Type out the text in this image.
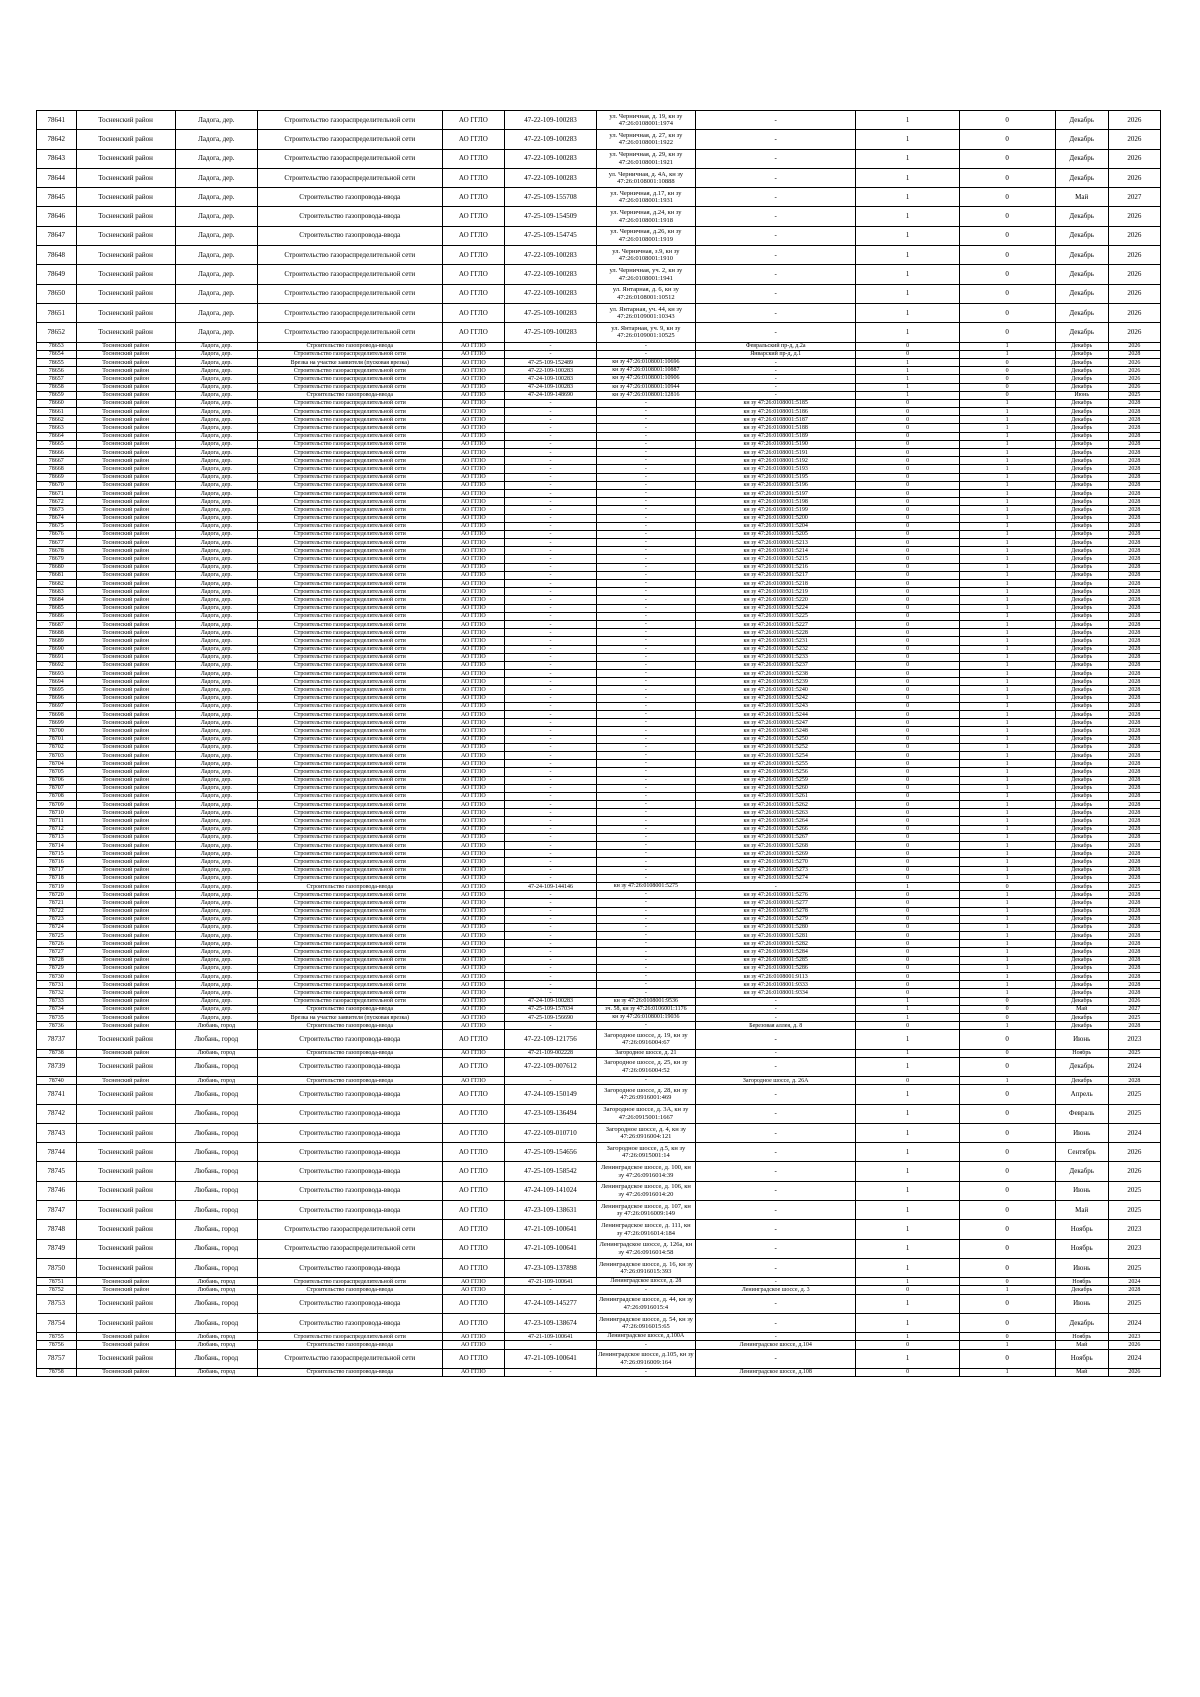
78641	Тосненский район	Ладога, дер.	Строительство газораспределительной сети	АО ГГЛО	47-22-109-100283	ул. Черничная, д. 19, кн зу 47:26:0108001:1974	-	1	0	Декабрь	2026
78642	Тосненский район	Ладога, дер.	Строительство газораспределительной сети	АО ГГЛО	47-22-109-100283	ул. Черничная, д. 27, кн зу 47:26:0108001:1922	-	1	0	Декабрь	2026
78643	Тосненский район	Ладога, дер.	Строительство газораспределительной сети	АО ГГЛО	47-22-109-100283	ул. Черничная, д. 29, кн зу 47:26:0108001:1921	-	1	0	Декабрь	2026
78644	Тосненский район	Ладога, дер.	Строительство газораспределительной сети	АО ГГЛО	47-22-109-100283	ул. Черничная, д. 4А, кн зу 47:26:0108001:10888	-	1	0	Декабрь	2026
78645	Тосненский район	Ладога, дер.	Строительство газопровода-ввода	АО ГГЛО	47-25-109-155708	ул. Черничная, д.17, кн зу 47:26:0108001:1931	-	1	0	Май	2027
78646	Тосненский район	Ладога, дер.	Строительство газопровода-ввода	АО ГГЛО	47-25-109-154509	ул. Черничная, д.24, кн зу 47:26:0108001:1918	-	1	0	Декабрь	2026
78647	Тосненский район	Ладога, дер.	Строительство газопровода-ввода	АО ГГЛО	47-25-109-154745	ул. Черничная, д.26, кн зу 47:26:0108001:1919	-	1	0	Декабрь	2026
78648	Тосненский район	Ладога, дер.	Строительство газораспределительной сети	АО ГГЛО	47-22-109-100283	ул. Черничная, з.9, кн зу 47:26:0108001:1910	-	1	0	Декабрь	2026
78649	Тосненский район	Ладога, дер.	Строительство газораспределительной сети	АО ГГЛО	47-22-109-100283	ул. Черничная, уч. 2, кн зу 47:26:0108001:1941	-	1	0	Декабрь	2026
78650	Тосненский район	Ладога, дер.	Строительство газораспределительной сети	АО ГГЛО	47-22-109-100283	ул. Янтарная, д. 6, кн зу 47:26:0108001:10512	-	1	0	Декабрь	2026
78651	Тосненский район	Ладога, дер.	Строительство газораспределительной сети	АО ГГЛО	47-25-109-100283	ул. Янтарная, уч. 44, кн зу 47:26:0109001:10343	-	1	0	Декабрь	2026
78652	Тосненский район	Ладога, дер.	Строительство газораспределительной сети	АО ГГЛО	47-25-109-100283	ул. Янтарная, уч. 9, кн зу 47:26:0109001:10525	-	1	0	Декабрь	2026
78653	Тосненский район	Ладога, дер.	Строительство газопровода-ввода	АО ГГЛО	-	-	Февральский пр-д, д.2а	0	1	Декабрь	2026
78654	Тосненский район	Ладога, дер.	Строительство газораспределительной сети	АО ГГЛО	-	-	Январский пр-д, д.1	0	1	Декабрь	2028
78655	Тосненский район	Ладога, дер.	Врезка на участке заявителя (пусковая врезка)	АО ГГЛО	47-25-109-152489	кн зу 47:26:0108001:10696	-	1	0	Декабрь	2026
78656	Тосненский район	Ладога, дер.	Строительство газораспределительной сети	АО ГГЛО	47-22-109-100283	кн зу 47:26:0108001:10887	-	1	0	Декабрь	2026
78657	Тосненский район	Ладога, дер.	Строительство газораспределительной сети	АО ГГЛО	47-24-109-100283	кн зу 47:26:0108001:10906	-	1	0	Декабрь	2026
78658	Тосненский район	Ладога, дер.	Строительство газораспределительной сети	АО ГГЛО	47-24-109-100283	кн зу 47:26:0108001:10944	-	1	0	Декабрь	2026
78659	Тосненский район	Ладога, дер.	Строительство газопровода-ввода	АО ГГЛО	47-24-109-148690	кн зу 47:26:0108001:12816	-	1	0	Июнь	2025
78660	Тосненский район	Ладога, дер.	Строительство газораспределительной сети	АО ГГЛО	-	-	кн зу 47:26:0108001:5185	0	1	Декабрь	2028
78661	Тосненский район	Ладога, дер.	Строительство газораспределительной сети	АО ГГЛО	-	-	кн зу 47:26:0108001:5186	0	1	Декабрь	2028
78662	Тосненский район	Ладога, дер.	Строительство газораспределительной сети	АО ГГЛО	-	-	кн зу 47:26:0108001:5187	0	1	Декабрь	2028
78663	Тосненский район	Ладога, дер.	Строительство газораспределительной сети	АО ГГЛО	-	-	кн зу 47:26:0108001:5188	0	1	Декабрь	2028
78664	Тосненский район	Ладога, дер.	Строительство газораспределительной сети	АО ГГЛО	-	-	кн зу 47:26:0108001:5189	0	1	Декабрь	2028
78665	Тосненский район	Ладога, дер.	Строительство газораспределительной сети	АО ГГЛО	-	-	кн зу 47:26:0108001:5190	0	1	Декабрь	2028
78666	Тосненский район	Ладога, дер.	Строительство газораспределительной сети	АО ГГЛО	-	-	кн зу 47:26:0108001:5191	0	1	Декабрь	2028
78667	Тосненский район	Ладога, дер.	Строительство газораспределительной сети	АО ГГЛО	-	-	кн зу 47:26:0108001:5192	0	1	Декабрь	2028
78668	Тосненский район	Ладога, дер.	Строительство газораспределительной сети	АО ГГЛО	-	-	кн зу 47:26:0108001:5193	0	1	Декабрь	2028
78669	Тосненский район	Ладога, дер.	Строительство газораспределительной сети	АО ГГЛО	-	-	кн зу 47:26:0108001:5195	0	1	Декабрь	2028
78670	Тосненский район	Ладога, дер.	Строительство газораспределительной сети	АО ГГЛО	-	-	кн зу 47:26:0108001:5196	0	1	Декабрь	2028
78671	Тосненский район	Ладога, дер.	Строительство газораспределительной сети	АО ГГЛО	-	-	кн зу 47:26:0108001:5197	0	1	Декабрь	2028
78672	Тосненский район	Ладога, дер.	Строительство газораспределительной сети	АО ГГЛО	-	-	кн зу 47:26:0108001:5198	0	1	Декабрь	2028
78673	Тосненский район	Ладога, дер.	Строительство газораспределительной сети	АО ГГЛО	-	-	кн зу 47:26:0108001:5199	0	1	Декабрь	2028
78674	Тосненский район	Ладога, дер.	Строительство газораспределительной сети	АО ГГЛО	-	-	кн зу 47:26:0108001:5200	0	1	Декабрь	2028
78675	Тосненский район	Ладога, дер.	Строительство газораспределительной сети	АО ГГЛО	-	-	кн зу 47:26:0108001:5204	0	1	Декабрь	2028
78676	Тосненский район	Ладога, дер.	Строительство газораспределительной сети	АО ГГЛО	-	-	кн зу 47:26:0108001:5205	0	1	Декабрь	2028
78677	Тосненский район	Ладога, дер.	Строительство газораспределительной сети	АО ГГЛО	-	-	кн зу 47:26:0108001:5213	0	1	Декабрь	2028
78678	Тосненский район	Ладога, дер.	Строительство газораспределительной сети	АО ГГЛО	-	-	кн зу 47:26:0108001:5214	0	1	Декабрь	2028
78679	Тосненский район	Ладога, дер.	Строительство газораспределительной сети	АО ГГЛО	-	-	кн зу 47:26:0108001:5215	0	1	Декабрь	2028
78680	Тосненский район	Ладога, дер.	Строительство газораспределительной сети	АО ГГЛО	-	-	кн зу 47:26:0108001:5216	0	1	Декабрь	2028
78681	Тосненский район	Ладога, дер.	Строительство газораспределительной сети	АО ГГЛО	-	-	кн зу 47:26:0108001:5217	0	1	Декабрь	2028
78682	Тосненский район	Ладога, дер.	Строительство газораспределительной сети	АО ГГЛО	-	-	кн зу 47:26:0108001:5218	0	1	Декабрь	2028
78683	Тосненский район	Ладога, дер.	Строительство газораспределительной сети	АО ГГЛО	-	-	кн зу 47:26:0108001:5219	0	1	Декабрь	2028
78684	Тосненский район	Ладога, дер.	Строительство газораспределительной сети	АО ГГЛО	-	-	кн зу 47:26:0108001:5220	0	1	Декабрь	2028
78685	Тосненский район	Ладога, дер.	Строительство газораспределительной сети	АО ГГЛО	-	-	кн зу 47:26:0108001:5224	0	1	Декабрь	2028
78686	Тосненский район	Ладога, дер.	Строительство газораспределительной сети	АО ГГЛО	-	-	кн зу 47:26:0108001:5225	0	1	Декабрь	2028
78687	Тосненский район	Ладога, дер.	Строительство газораспределительной сети	АО ГГЛО	-	-	кн зу 47:26:0108001:5227	0	1	Декабрь	2028
78688	Тосненский район	Ладога, дер.	Строительство газораспределительной сети	АО ГГЛО	-	-	кн зу 47:26:0108001:5228	0	1	Декабрь	2028
78689	Тосненский район	Ладога, дер.	Строительство газораспределительной сети	АО ГГЛО	-	-	кн зу 47:26:0108001:5231	0	1	Декабрь	2028
78690	Тосненский район	Ладога, дер.	Строительство газораспределительной сети	АО ГГЛО	-	-	кн зу 47:26:0108001:5232	0	1	Декабрь	2028
78691	Тосненский район	Ладога, дер.	Строительство газораспределительной сети	АО ГГЛО	-	-	кн зу 47:26:0108001:5233	0	1	Декабрь	2028
78692	Тосненский район	Ладога, дер.	Строительство газораспределительной сети	АО ГГЛО	-	-	кн зу 47:26:0108001:5237	0	1	Декабрь	2028
78693	Тосненский район	Ладога, дер.	Строительство газораспределительной сети	АО ГГЛО	-	-	кн зу 47:26:0108001:5238	0	1	Декабрь	2028
78694	Тосненский район	Ладога, дер.	Строительство газораспределительной сети	АО ГГЛО	-	-	кн зу 47:26:0108001:5239	0	1	Декабрь	2028
78695	Тосненский район	Ладога, дер.	Строительство газораспределительной сети	АО ГГЛО	-	-	кн зу 47:26:0108001:5240	0	1	Декабрь	2028
78696	Тосненский район	Ладога, дер.	Строительство газораспределительной сети	АО ГГЛО	-	-	кн зу 47:26:0108001:5242	0	1	Декабрь	2028
78697	Тосненский район	Ладога, дер.	Строительство газораспределительной сети	АО ГГЛО	-	-	кн зу 47:26:0108001:5243	0	1	Декабрь	2028
78698	Тосненский район	Ладога, дер.	Строительство газораспределительной сети	АО ГГЛО	-	-	кн зу 47:26:0108001:5244	0	1	Декабрь	2028
78699	Тосненский район	Ладога, дер.	Строительство газораспределительной сети	АО ГГЛО	-	-	кн зу 47:26:0108001:5247	0	1	Декабрь	2028
78700	Тосненский район	Ладога, дер.	Строительство газораспределительной сети	АО ГГЛО	-	-	кн зу 47:26:0108001:5248	0	1	Декабрь	2028
78701	Тосненский район	Ладога, дер.	Строительство газораспределительной сети	АО ГГЛО	-	-	кн зу 47:26:0108001:5250	0	1	Декабрь	2028
78702	Тосненский район	Ладога, дер.	Строительство газораспределительной сети	АО ГГЛО	-	-	кн зу 47:26:0108001:5252	0	1	Декабрь	2028
78703	Тосненский район	Ладога, дер.	Строительство газораспределительной сети	АО ГГЛО	-	-	кн зу 47:26:0108001:5254	0	1	Декабрь	2028
78704	Тосненский район	Ладога, дер.	Строительство газораспределительной сети	АО ГГЛО	-	-	кн зу 47:26:0108001:5255	0	1	Декабрь	2028
78705	Тосненский район	Ладога, дер.	Строительство газораспределительной сети	АО ГГЛО	-	-	кн зу 47:26:0108001:5256	0	1	Декабрь	2028
78706	Тосненский район	Ладога, дер.	Строительство газораспределительной сети	АО ГГЛО	-	-	кн зу 47:26:0108001:5259	0	1	Декабрь	2028
78707	Тосненский район	Ладога, дер.	Строительство газораспределительной сети	АО ГГЛО	-	-	кн зу 47:26:0108001:5260	0	1	Декабрь	2028
78708	Тосненский район	Ладога, дер.	Строительство газораспределительной сети	АО ГГЛО	-	-	кн зу 47:26:0108001:5261	0	1	Декабрь	2028
78709	Тосненский район	Ладога, дер.	Строительство газораспределительной сети	АО ГГЛО	-	-	кн зу 47:26:0108001:5262	0	1	Декабрь	2028
78710	Тосненский район	Ладога, дер.	Строительство газораспределительной сети	АО ГГЛО	-	-	кн зу 47:26:0108001:5263	0	1	Декабрь	2028
78711	Тосненский район	Ладога, дер.	Строительство газораспределительной сети	АО ГГЛО	-	-	кн зу 47:26:0108001:5264	0	1	Декабрь	2028
78712	Тосненский район	Ладога, дер.	Строительство газораспределительной сети	АО ГГЛО	-	-	кн зу 47:26:0108001:5266	0	1	Декабрь	2028
78713	Тосненский район	Ладога, дер.	Строительство газораспределительной сети	АО ГГЛО	-	-	кн зу 47:26:0108001:5267	0	1	Декабрь	2028
78714	Тосненский район	Ладога, дер.	Строительство газораспределительной сети	АО ГГЛО	-	-	кн зу 47:26:0108001:5268	0	1	Декабрь	2028
78715	Тосненский район	Ладога, дер.	Строительство газораспределительной сети	АО ГГЛО	-	-	кн зу 47:26:0108001:5269	0	1	Декабрь	2028
78716	Тосненский район	Ладога, дер.	Строительство газораспределительной сети	АО ГГЛО	-	-	кн зу 47:26:0108001:5270	0	1	Декабрь	2028
78717	Тосненский район	Ладога, дер.	Строительство газораспределительной сети	АО ГГЛО	-	-	кн зу 47:26:0108001:5273	0	1	Декабрь	2028
78718	Тосненский район	Ладога, дер.	Строительство газораспределительной сети	АО ГГЛО	-	-	кн зу 47:26:0108001:5274	0	1	Декабрь	2028
78719	Тосненский район	Ладога, дер.	Строительство газопровода-ввода	АО ГГЛО	47-24-109-144146	кн зу 47:26:0108001:5275	-	1	0	Декабрь	2025
78720	Тосненский район	Ладога, дер.	Строительство газораспределительной сети	АО ГГЛО	-	-	кн зу 47:26:0108001:5276	0	1	Декабрь	2028
78721	Тосненский район	Ладога, дер.	Строительство газораспределительной сети	АО ГГЛО	-	-	кн зу 47:26:0108001:5277	0	1	Декабрь	2028
78722	Тосненский район	Ладога, дер.	Строительство газораспределительной сети	АО ГГЛО	-	-	кн зу 47:26:0108001:5278	0	1	Декабрь	2028
78723	Тосненский район	Ладога, дер.	Строительство газораспределительной сети	АО ГГЛО	-	-	кн зу 47:26:0108001:5279	0	1	Декабрь	2028
78724	Тосненский район	Ладога, дер.	Строительство газораспределительной сети	АО ГГЛО	-	-	кн зу 47:26:0108001:5280	0	1	Декабрь	2028
78725	Тосненский район	Ладога, дер.	Строительство газораспределительной сети	АО ГГЛО	-	-	кн зу 47:26:0108001:5281	0	1	Декабрь	2028
78726	Тосненский район	Ладога, дер.	Строительство газораспределительной сети	АО ГГЛО	-	-	кн зу 47:26:0108001:5282	0	1	Декабрь	2028
78727	Тосненский район	Ладога, дер.	Строительство газораспределительной сети	АО ГГЛО	-	-	кн зу 47:26:0108001:5284	0	1	Декабрь	2028
78728	Тосненский район	Ладога, дер.	Строительство газораспределительной сети	АО ГГЛО	-	-	кн зу 47:26:0108001:5285	0	1	Декабрь	2028
78729	Тосненский район	Ладога, дер.	Строительство газораспределительной сети	АО ГГЛО	-	-	кн зу 47:26:0108001:5286	0	1	Декабрь	2028
78730	Тосненский район	Ладога, дер.	Строительство газораспределительной сети	АО ГГЛО	-	-	кн зу 47:26:0108001:9113	0	1	Декабрь	2028
78731	Тосненский район	Ладога, дер.	Строительство газораспределительной сети	АО ГГЛО	-	-	кн зу 47:26:0108001:9333	0	1	Декабрь	2028
78732	Тосненский район	Ладога, дер.	Строительство газораспределительной сети	АО ГГЛО	-	-	кн зу 47:26:0108001:9334	0	1	Декабрь	2028
78733	Тосненский район	Ладога, дер.	Строительство газораспределительной сети	АО ГГЛО	47-24-109-100283	кн зу 47:26:0108001:9536	-	1	0	Декабрь	2026
78734	Тосненский район	Ладога, дер.	Строительство газопровода-ввода	АО ГГЛО	47-25-109-157034	зч. 58, кн зу 47:26:0106001:1176	-	1	0	Май	2027
78735	Тосненский район	Ладога, дер.	Врезка на участке заявителя (пусковая врезка)	АО ГГЛО	47-25-109-156690	кн зу 47:26:0108001:19036	-	1	0	Декабрь	2025
78736	Тосненский район	Любань, город	Строительство газопровода-ввода	АО ГГЛО	-	-	Березовая аллея, д. 8	0	1	Декабрь	2028
78737	Тосненский район	Любань, город	Строительство газопровода-ввода	АО ГГЛО	47-22-109-121756	Загородное шоссе, д. 19, кн зу 47:26:0916004:67	-	1	0	Июнь	2023
78738	Тосненский район	Любань, город	Строительство газопровода-ввода	АО ГГЛО	47-21-109-002228	Загородное шоссе, д. 21	-	1	0	Ноябрь	2025
78739	Тосненский район	Любань, город	Строительство газопровода-ввода	АО ГГЛО	47-22-109-007612	Загородное шоссе, д. 25, кн зу 47:26:0916004:52	-	1	0	Декабрь	2024
78740	Тосненский район	Любань, город	Строительство газопровода-ввода	АО ГГЛО	-	-	Загородное шоссе, д. 26А	0	1	Декабрь	2028
78741	Тосненский район	Любань, город	Строительство газопровода-ввода	АО ГГЛО	47-24-109-150149	Загородное шоссе, д. 28, кн зу 47:26:0916001:469	-	1	0	Апрель	2025
78742	Тосненский район	Любань, город	Строительство газопровода-ввода	АО ГГЛО	47-23-109-136494	Загородное шоссе, д. 3А, кн зу 47:26:0915001:1667	-	1	0	Февраль	2025
78743	Тосненский район	Любань, город	Строительство газопровода-ввода	АО ГГЛО	47-22-109-010710	Загородное шоссе, д. 4, кн зу 47:26:0916004:121	-	1	0	Июнь	2024
78744	Тосненский район	Любань, город	Строительство газопровода-ввода	АО ГГЛО	47-25-109-154656	Загородное шоссе, д.5, кн зу 47:26:0915001:14	-	1	0	Сентябрь	2026
78745	Тосненский район	Любань, город	Строительство газопровода-ввода	АО ГГЛО	47-25-109-158542	Ленинградское шоссе, д. 100, кн зу 47:26:0916014:39	-	1	0	Декабрь	2026
78746	Тосненский район	Любань, город	Строительство газопровода-ввода	АО ГГЛО	47-24-109-141024	Ленинградское шоссе, д. 106, кн зу 47:26:0916014:20	-	1	0	Июнь	2025
78747	Тосненский район	Любань, город	Строительство газопровода-ввода	АО ГГЛО	47-23-109-138631	Ленинградское шоссе, д. 107, кн зу 47:26:0916009:149	-	1	0	Май	2025
78748	Тосненский район	Любань, город	Строительство газораспределительной сети	АО ГГЛО	47-21-109-100641	Ленинградское шоссе, д. 111, кн зу 47:26:0916014:184	-	1	0	Ноябрь	2023
78749	Тосненский район	Любань, город	Строительство газораспределительной сети	АО ГГЛО	47-21-109-100641	Ленинградское шоссе, д. 126а, кн зу 47:26:0916014:58	-	1	0	Ноябрь	2023
78750	Тосненский район	Любань, город	Строительство газопровода-ввода	АО ГГЛО	47-23-109-137898	Ленинградское шоссе, д. 16, кн зу 47:26:0916015:393	-	1	0	Июнь	2025
78751	Тосненский район	Любань, город	Строительство газораспределительной сети	АО ГГЛО	47-21-109-100641	Ленинградское шоссе, д. 28	-	1	0	Ноябрь	2024
78752	Тосненский район	Любань, город	Строительство газопровода-ввода	АО ГГЛО	-	-	Ленинградское шоссе, д. 3	0	1	Декабрь	2028
78753	Тосненский район	Любань, город	Строительство газопровода-ввода	АО ГГЛО	47-24-109-145277	Ленинградское шоссе, д. 44, кн зу 47:26:0916015:4	-	1	0	Июнь	2025
78754	Тосненский район	Любань, город	Строительство газопровода-ввода	АО ГГЛО	47-23-109-138674	Ленинградское шоссе, д. 54, кн зу 47:26:0916015:65	-	1	0	Декабрь	2024
78755	Тосненский район	Любань, город	Строительство газораспределительной сети	АО ГГЛО	47-21-109-100641	Ленинградское шоссе, д.100А	-	1	0	Ноябрь	2023
78756	Тосненский район	Любань, город	Строительство газопровода-ввода	АО ГГЛО	-	-	Ленинградское шоссе, д.104	0	1	Май	2026
78757	Тосненский район	Любань, город	Строительство газораспределительной сети	АО ГГЛО	47-21-109-100641	Ленинградское шоссе, д.105, кн зу 47:26:0916009:164	-	1	0	Ноябрь	2024
78758	Тосненский район	Любань, город	Строительство газопровода-ввода	АО ГГЛО	-	-	Ленинградское шоссе, д.108	0	1	Май	2026
